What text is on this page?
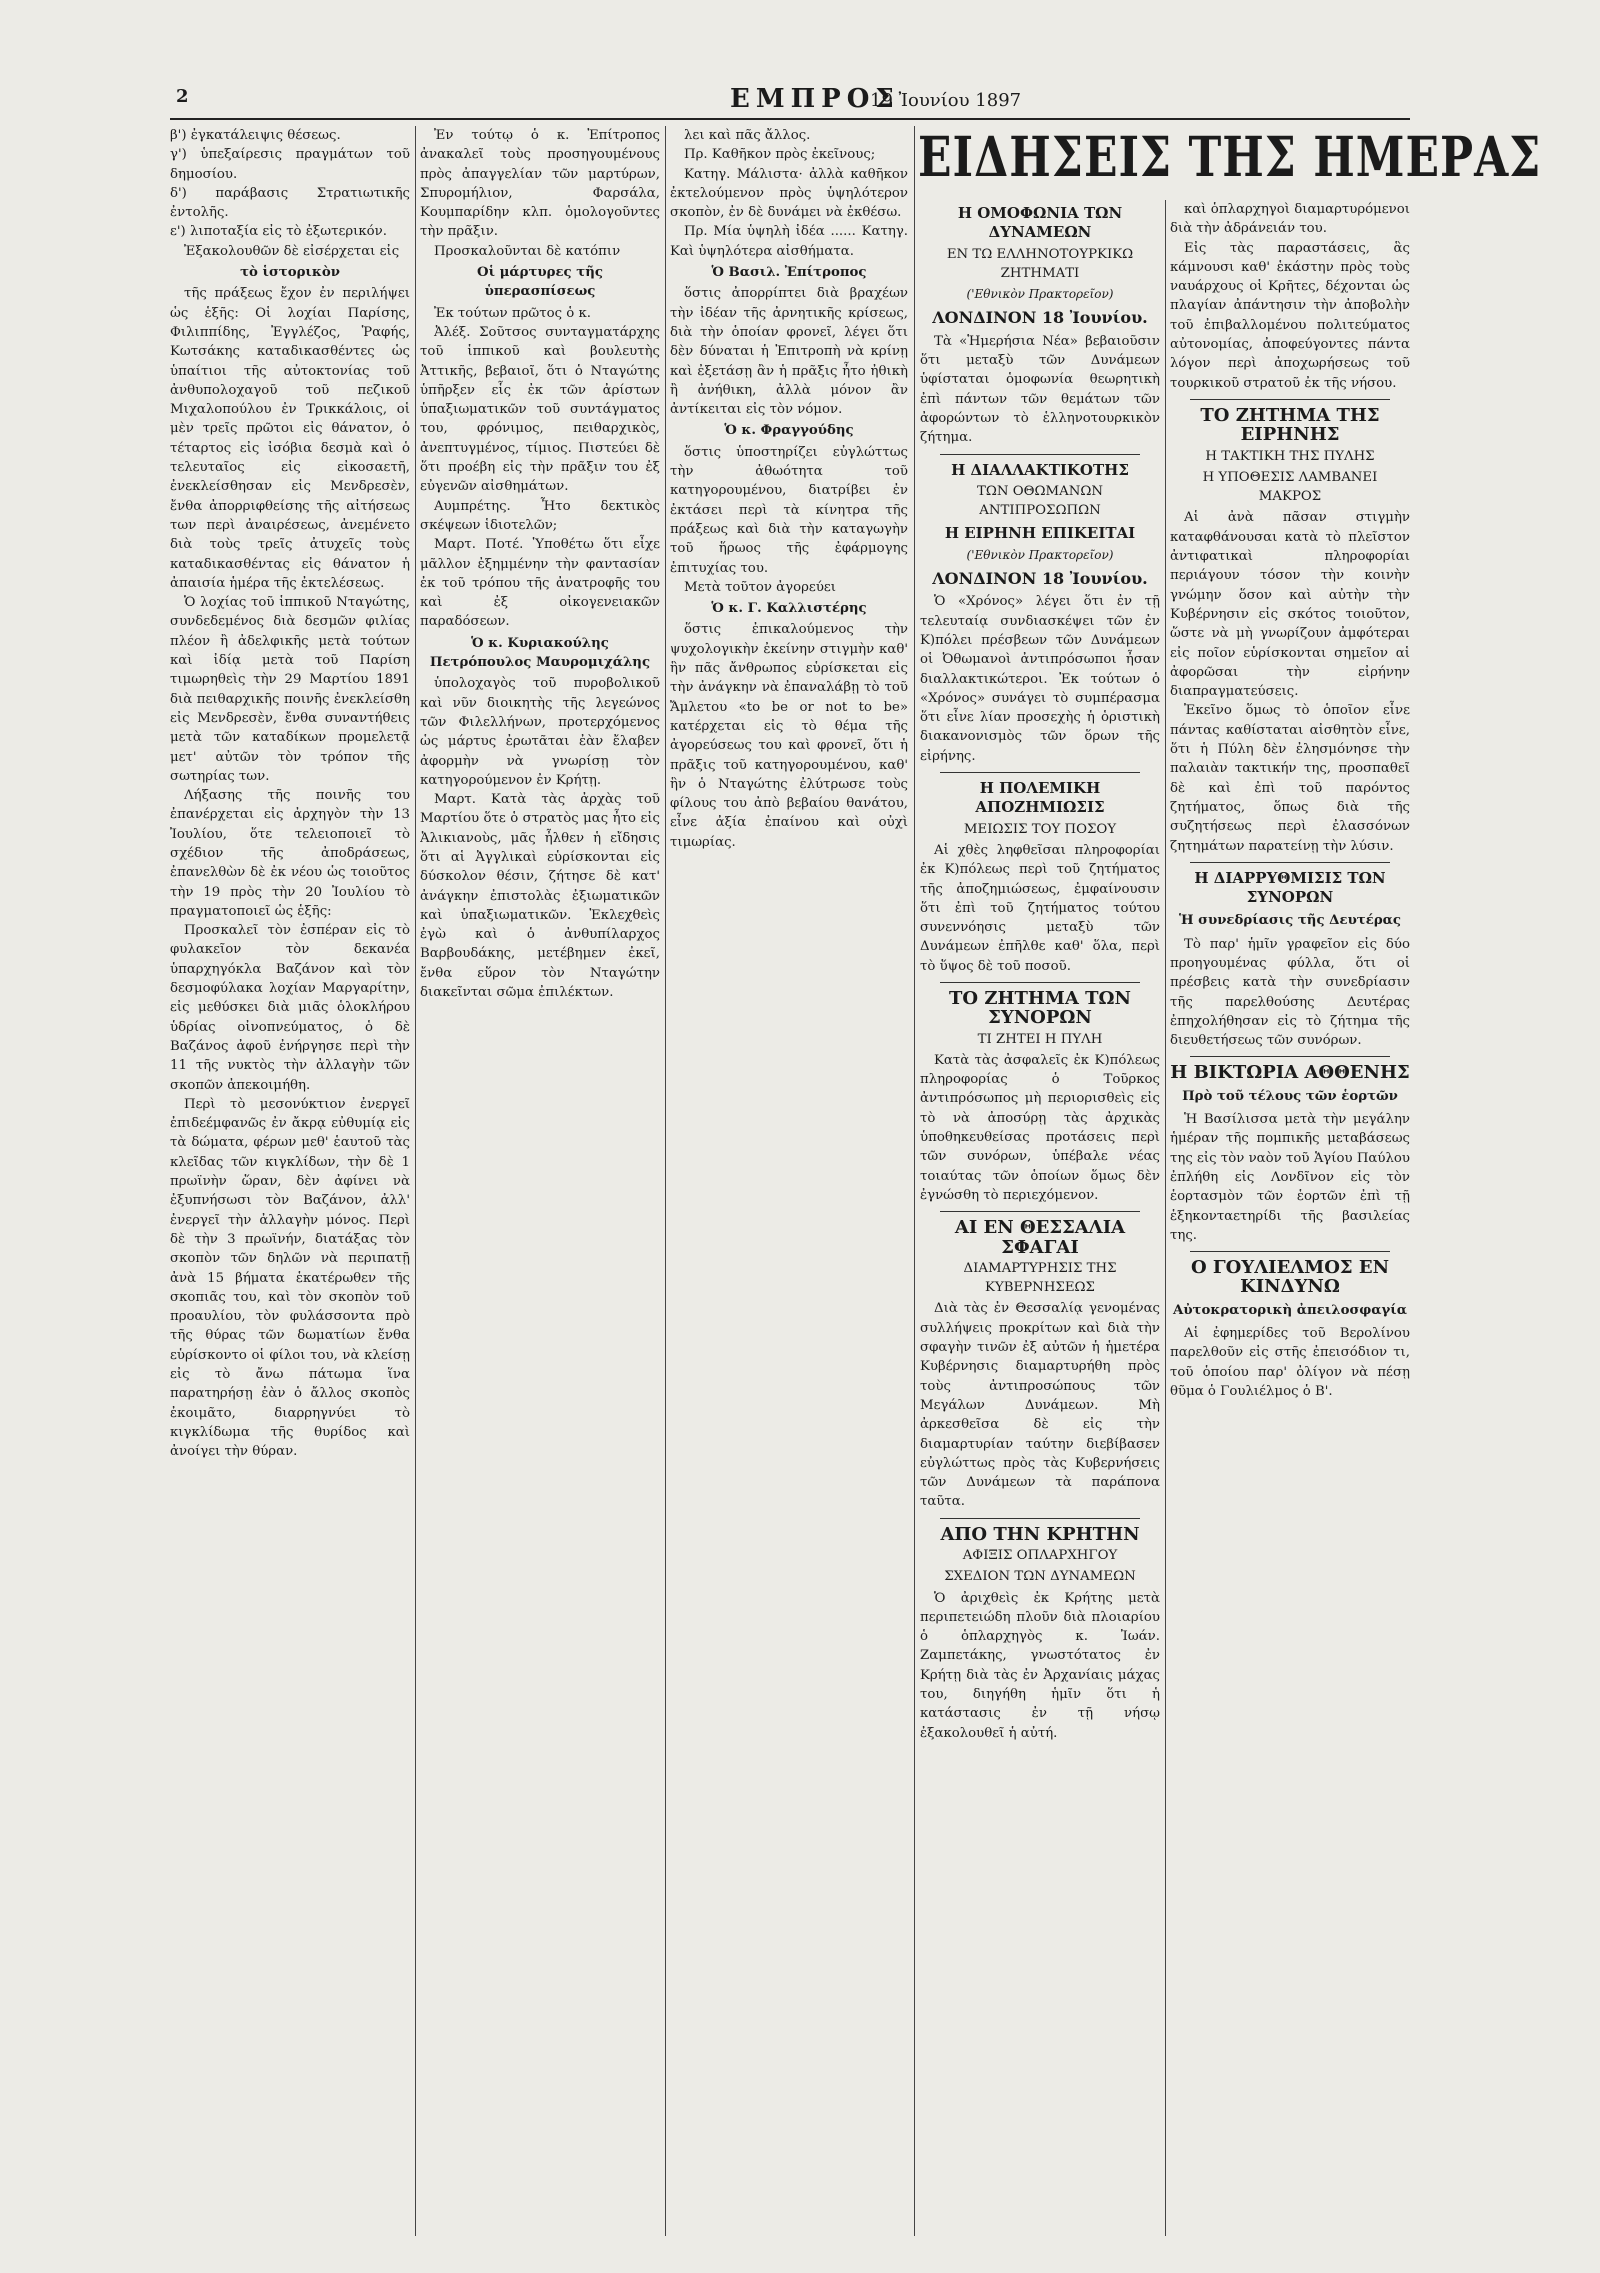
2	ΕΜΠΡΟΣ
19 Ἰουνίου 1897

β') ἐγκατάλειψις θέσεως.

γ') ὑπεξαίρεσις πραγμάτων τοῦ δημοσίου.

δ') παράβασις Στρατιωτικῆς ἐντολῆς.

ε') λιποταξία εἰς τὸ ἐξωτερικόν.

Ἐξακολουθῶν δὲ εἰσέρχεται εἰς

τὸ ἱστορικὸν

τῆς πράξεως ἔχον ἐν περιλήψει ὡς ἑξῆς: Οἱ λοχίαι Παρίσης, Φιλιππίδης, Ἐγγλέζος, Ῥαφής, Κωτσάκης καταδικασθέντες ὡς ὑπαίτιοι τῆς αὐτοκτονίας τοῦ ἀνθυπολοχαγοῦ τοῦ πεζικοῦ Μιχαλοπούλου ἐν Τρικκάλοις, οἱ μὲν τρεῖς πρῶτοι εἰς θάνατον, ὁ τέταρτος εἰς ἰσόβια δεσμὰ καὶ ὁ τελευταῖος εἰς εἰκοσαετῆ, ἐνεκλείσθησαν εἰς Μενδρεσὲν, ἔνθα ἀπορριφθείσης τῆς αἰτήσεως των περὶ ἀναιρέσεως, ἀνεμένετο διὰ τοὺς τρεῖς ἀτυχεῖς τοὺς καταδικασθέντας εἰς θάνατον ἡ ἀπαισία ἡμέρα τῆς ἐκτελέσεως.

Ὁ λοχίας τοῦ ἱππικοῦ Νταγώτης, συνδεδεμένος διὰ δεσμῶν φιλίας πλέον ἢ ἀδελφικῆς μετὰ τούτων καὶ ἰδίᾳ μετὰ τοῦ Παρίση τιμωρηθεὶς τὴν 29 Μαρτίου 1891 διὰ πειθαρχικῆς ποινῆς ἐνεκλείσθη εἰς Μενδρεσὲν, ἔνθα συναντήθεις μετὰ τῶν καταδίκων προμελετᾷ μετ' αὐτῶν τὸν τρόπον τῆς σωτηρίας των.

Λήξασης τῆς ποινῆς του ἐπανέρχεται εἰς ἀρχηγὸν τὴν 13 Ἰουλίου, ὅτε τελειοποιεῖ τὸ σχέδιον τῆς ἀποδράσεως, ἐπανελθὼν δὲ ἐκ νέου ὡς τοιοῦτος τὴν 19 πρὸς τὴν 20 Ἰουλίου τὸ πραγματοποιεῖ ὡς ἑξῆς:

Προσκαλεῖ τὸν ἐσπέραν εἰς τὸ φυλακεῖον τὸν δεκανέα ὑπαρχηγόκλα Βαζάνον καὶ τὸν δεσμοφύλακα λοχίαν Μαργαρίτην, εἰς μεθύσκει διὰ μιᾶς ὁλοκλήρου ὑδρίας οἰνοπνεύματος, ὁ δὲ Βαζάνος ἀφοῦ ἐνήργησε περὶ τὴν 11 τῆς νυκτὸς τὴν ἀλλαγὴν τῶν σκοπῶν ἀπεκοιμήθη.

Περὶ τὸ μεσονύκτιον ἐνεργεῖ ἐπιδεέμφανῶς ἐν ἄκρᾳ εὐθυμίᾳ εἰς τὰ δώματα, φέρων μεθ' ἑαυτοῦ τὰς κλεῖδας τῶν κιγκλίδων, τὴν δὲ 1 πρωϊνὴν ὥραν, δὲν ἀφίνει νὰ ἐξυπνήσωσι τὸν Βαζάνον, ἀλλ' ἐνεργεῖ τὴν ἀλλαγὴν μόνος. Περὶ δὲ τὴν 3 πρωϊνήν, διατάξας τὸν σκοπὸν τῶν δηλῶν νὰ περιπατῇ ἀνὰ 15 βήματα ἑκατέρωθεν τῆς σκοπιᾶς του, καὶ τὸν σκοπὸν τοῦ προαυλίου, τὸν φυλάσσοντα πρὸ τῆς θύρας τῶν δωματίων ἔνθα εὑρίσκοντο οἱ φίλοι του, νὰ κλείσῃ εἰς τὸ ἄνω πάτωμα ἵνα παρατηρήσῃ ἐὰν ὁ ἄλλος σκοπὸς ἐκοιμᾶτο, διαρρηγνύει τὸ κιγκλίδωμα τῆς θυρίδος καὶ ἀνοίγει τὴν θύραν.

Ἐν τούτῳ ὁ κ. Ἐπίτροπος ἀνακαλεῖ τοὺς προσηγουμένους πρὸς ἀπαγγελίαν τῶν μαρτύρων, Σπυρομήλιον, Φαρσάλα, Κουμπαρίδην κλπ. ὁμολογοῦντες τὴν πρᾶξιν.

Προσκαλοῦνται δὲ κατόπιν

Οἱ μάρτυρες τῆς ὑπερασπίσεως

Ἐκ τούτων πρῶτος ὁ κ.

Ἀλέξ. Σοῦτσος συνταγματάρχης τοῦ ἱππικοῦ καὶ βουλευτὴς Ἀττικῆς, βεβαιοῖ, ὅτι ὁ Νταγώτης ὑπῆρξεν εἷς ἐκ τῶν ἀρίστων ὑπαξιωματικῶν τοῦ συντάγματος του, φρόνιμος, πειθαρχικὸς, ἀνεπτυγμένος, τίμιος. Πιστεύει δὲ ὅτι προέβη εἰς τὴν πρᾶξιν του ἐξ εὐγενῶν αἰσθημάτων.

Αυμπρέτης. Ἦτο δεκτικὸς σκέψεων ἱδιοτελῶν;

Μαρτ. Ποτέ. Ὑποθέτω ὅτι εἶχε μᾶλλον ἐξημμένην τὴν φαντασίαν ἐκ τοῦ τρόπου τῆς ἀνατροφῆς του καὶ ἐξ οἰκογενειακῶν παραδόσεων.

Ὁ κ. Κυριακούλης Πετρόπουλος Μαυρομιχάλης

ὑπολοχαγὸς τοῦ πυροβολικοῦ καὶ νῦν διοικητὴς τῆς λεγεώνος τῶν Φιλελλήνων, προτερχόμενος ὡς μάρτυς ἐρωτᾶται ἐὰν ἔλαβεν ἀφορμὴν νὰ γνωρίσῃ τὸν κατηγορούμενον ἐν Κρήτῃ.

Μαρτ. Κατὰ τὰς ἀρχὰς τοῦ Μαρτίου ὅτε ὁ στρατὸς μας ἦτο εἰς Ἀλικιανοὺς, μᾶς ἦλθεν ἡ εἴδησις ὅτι αἱ Ἀγγλικαὶ εὑρίσκονται εἰς δύσκολον θέσιν, ζήτησε δὲ κατ' ἀνάγκην ἐπιστολὰς ἐξιωματικῶν καὶ ὑπαξιωματικῶν. Ἐκλεχθεὶς ἐγὼ καὶ ὁ ἀνθυπίλαρχος Βαρβουδάκης, μετέβημεν ἐκεῖ, ἔνθα εὕρον τὸν Νταγώτην διακεῖνται σῶμα ἐπιλέκτων.

λει καὶ πᾶς ἄλλος.

Πρ. Καθῆκον πρὸς ἐκεῖνους;

Κατηγ. Μάλιστα· ἀλλὰ καθῆκον ἐκτελούμενον πρὸς ὑψηλότερον σκοπὸν, ἐν δὲ δυνάμει νὰ ἐκθέσω.

Πρ. Μία ὑψηλὴ ἰδέα ...... Κατηγ. Καὶ ὑψηλότερα αἰσθήματα.

Ὁ Βασιλ. Ἐπίτροπος

ὅστις ἀπορρίπτει διὰ βραχέων τὴν ἰδέαν τῆς ἀρνητικῆς κρίσεως, διὰ τὴν ὁποίαν φρονεῖ, λέγει ὅτι δὲν δύναται ἡ Ἐπιτροπὴ νὰ κρίνῃ καὶ ἐξετάσῃ ἂν ἡ πρᾶξις ἦτο ἠθικὴ ἢ ἀνήθικη, ἀλλὰ μόνον ἂν ἀντίκειται εἰς τὸν νόμον.

Ὁ κ. Φραγγούδης

ὅστις ὑποστηρίζει εὐγλώττως τὴν ἀθωότητα τοῦ κατηγορουμένου, διατρίβει ἐν ἐκτάσει περὶ τὰ κίνητρα τῆς πράξεως καὶ διὰ τὴν καταγωγὴν τοῦ ἥρωος τῆς ἐφάρμογης ἐπιτυχίας του.

Μετὰ τοῦτον ἀγορεύει

Ὁ κ. Γ. Καλλιστέρης

ὅστις ἐπικαλούμενος τὴν ψυχολογικὴν ἐκείνην στιγμὴν καθ' ἣν πᾶς ἄνθρωπος εὑρίσκεται εἰς τὴν ἀνάγκην νὰ ἐπαναλάβῃ τὸ τοῦ Ἄμλετου «to be or not to be» κατέρχεται εἰς τὸ θέμα τῆς ἀγορεύσεως του καὶ φρονεῖ, ὅτι ἡ πρᾶξις τοῦ κατηγορουμένου, καθ' ἣν ὁ Νταγώτης ἐλύτρωσε τοὺς φίλους του ἀπὸ βεβαίου θανάτου, εἶνε ἀξία ἐπαίνου καὶ οὐχὶ τιμωρίας.

ΕΙΔΗΣΕΙΣ ΤΗΣ ΗΜΕΡΑΣ
Η ΟΜΟΦΩΝΙΑ ΤΩΝ ΔΥΝΑΜΕΩΝ
ΕΝ ΤΩ ΕΛΛΗΝΟΤΟΥΡΚΙΚΩ ΖΗΤΗΜΑΤΙ
('Εθνικὸν Πρακτορεῖον)
ΛΟΝΔΙΝΟΝ 18 Ἰουνίου.

Τὰ «Ἡμερήσια Νέα» βεβαιοῦσιν ὅτι μεταξὺ τῶν Δυνάμεων ὑφίσταται ὁμοφωνία θεωρητικὴ ἐπὶ πάντων τῶν θεμάτων τῶν ἀφορώντων τὸ ἑλληνοτουρκικὸν ζήτημα.

Η ΔΙΑΛΛΑΚΤΙΚΟΤΗΣ
ΤΩΝ ΟΘΩΜΑΝΩΝ ΑΝΤΙΠΡΟΣΩΠΩΝ
Η ΕΙΡΗΝΗ ΕΠΙΚΕΙΤΑΙ
('Εθνικὸν Πρακτορεῖον)
ΛΟΝΔΙΝΟΝ 18 Ἰουνίου.

Ὁ «Χρόνος» λέγει ὅτι ἐν τῇ τελευταίᾳ συνδιασκέψει τῶν ἐν Κ)πόλει πρέσβεων τῶν Δυνάμεων οἱ Ὀθωμανοὶ ἀντιπρόσωποι ἦσαν διαλλακτικώτεροι. Ἐκ τούτων ὁ «Χρόνος» συνάγει τὸ συμπέρασμα ὅτι εἶνε λίαν προσεχὴς ἡ ὁριστικὴ διακανονισμὸς τῶν ὅρων τῆς εἰρήνης.

Η ΠΟΛΕΜΙΚΗ ΑΠΟΖΗΜΙΩΣΙΣ
ΜΕΙΩΣΙΣ ΤΟΥ ΠΟΣΟΥ

Αἱ χθὲς ληφθεῖσαι πληροφορίαι ἐκ Κ)πόλεως περὶ τοῦ ζητήματος τῆς ἀποζημιώσεως, ἐμφαίνουσιν ὅτι ἐπὶ τοῦ ζητήματος τούτου συνεννόησις μεταξὺ τῶν Δυνάμεων ἐπῆλθε καθ' ὅλα, περὶ τὸ ὕψος δὲ τοῦ ποσοῦ.

ΤΟ ΖΗΤΗΜΑ ΤΩΝ ΣΥΝΟΡΩΝ
ΤΙ ΖΗΤΕΙ Η ΠΥΛΗ

Κατὰ τὰς ἀσφαλεῖς ἐκ Κ)πόλεως πληροφορίας ὁ Τοῦρκος ἀντιπρόσωπος μὴ περιορισθεὶς εἰς τὸ νὰ ἀποσύρῃ τὰς ἀρχικὰς ὑποθηκευθείσας προτάσεις περὶ τῶν συνόρων, ὑπέβαλε νέας τοιαύτας τῶν ὁποίων ὅμως δὲν ἐγνώσθη τὸ περιεχόμενον.

ΑΙ ΕΝ ΘΕΣΣΑΛΙΑ ΣΦΑΓΑΙ
ΔΙΑΜΑΡΤΥΡΗΣΙΣ ΤΗΣ ΚΥΒΕΡΝΗΣΕΩΣ

Διὰ τὰς ἐν Θεσσαλίᾳ γενομένας συλλήψεις προκρίτων καὶ διὰ τὴν σφαγὴν τινῶν ἐξ αὐτῶν ἡ ἡμετέρα Κυβέρνησις διαμαρτυρήθη πρὸς τοὺς ἀντιπροσώπους τῶν Μεγάλων Δυνάμεων. Μὴ ἀρκεσθεῖσα δὲ εἰς τὴν διαμαρτυρίαν ταύτην διεβίβασεν εὐγλώττως πρὸς τὰς Κυβερνήσεις τῶν Δυνάμεων τὰ παράπονα ταῦτα.

ΑΠΟ ΤΗΝ ΚΡΗΤΗΝ
ΑΦΙΞΙΣ ΟΠΛΑΡΧΗΓΟΥ
ΣΧΕΔΙΟΝ ΤΩΝ ΔΥΝΑΜΕΩΝ

Ὁ ἀριχθεὶς ἐκ Κρήτης μετὰ περιπετειώδη πλοῦν διὰ πλοιαρίου ὁ ὁπλαρχηγὸς κ. Ἰωάν. Ζαμπετάκης, γνωστότατος ἐν Κρήτῃ διὰ τὰς ἐν Ἀρχανίαις μάχας του, διηγήθη ἡμῖν ὅτι ἡ κατάστασις ἐν τῇ νήσῳ ἐξακολουθεῖ ἡ αὐτή.

καὶ ὁπλαρχηγοὶ διαμαρτυρόμενοι διὰ τὴν ἀδράνειάν του.

Εἰς τὰς παραστάσεις, ἃς κάμνουσι καθ' ἑκάστην πρὸς τοὺς ναυάρχους οἱ Κρῆτες, δέχονται ὡς πλαγίαν ἀπάντησιν τὴν ἀποβολὴν τοῦ ἐπιβαλλομένου πολιτεύματος αὐτονομίας, ἀποφεύγοντες πάντα λόγον περὶ ἀποχωρήσεως τοῦ τουρκικοῦ στρατοῦ ἐκ τῆς νήσου.

ΤΟ ΖΗΤΗΜΑ ΤΗΣ ΕΙΡΗΝΗΣ
Η ΤΑΚΤΙΚΗ ΤΗΣ ΠΥΛΗΣ
Η ΥΠΟΘΕΣΙΣ ΛΑΜΒΑΝΕΙ ΜΑΚΡΟΣ

Αἱ ἀνὰ πᾶσαν στιγμὴν καταφθάνουσαι κατὰ τὸ πλεῖστον ἀντιφατικαὶ πληροφορίαι περιάγουν τόσον τὴν κοινὴν γνώμην ὅσον καὶ αὐτὴν τὴν Κυβέρνησιν εἰς σκότος τοιοῦτον, ὥστε νὰ μὴ γνωρίζουν ἀμφότεραι εἰς ποῖον εὑρίσκονται σημεῖον αἱ ἀφορῶσαι τὴν εἰρήνην διαπραγματεύσεις.

Ἐκεῖνο ὅμως τὸ ὁποῖον εἶνε πάντας καθίσταται αἰσθητὸν εἶνε, ὅτι ἡ Πύλη δὲν ἐλησμόνησε τὴν παλαιὰν τακτικήν της, προσπαθεῖ δὲ καὶ ἐπὶ τοῦ παρόντος ζητήματος, ὅπως διὰ τῆς συζητήσεως περὶ ἐλασσόνων ζητημάτων παρατείνῃ τὴν λύσιν.

Η ΔΙΑΡΡΥΘΜΙΣΙΣ ΤΩΝ ΣΥΝΟΡΩΝ
Ἡ συνεδρίασις τῆς Δευτέρας

Τὸ παρ' ἡμῖν γραφεῖον εἰς δύο προηγουμένας φύλλα, ὅτι οἱ πρέσβεις κατὰ τὴν συνεδρίασιν τῆς παρελθούσης Δευτέρας ἐπηχολήθησαν εἰς τὸ ζήτημα τῆς διευθετήσεως τῶν συνόρων.

Η ΒΙΚΤΩΡΙΑ ΑΘΘΕΝΗΣ
Πρὸ τοῦ τέλους τῶν ἑορτῶν

Ἡ Βασίλισσα μετὰ τὴν μεγάλην ἡμέραν τῆς πομπικῆς μεταβάσεως της εἰς τὸν ναὸν τοῦ Ἁγίου Παύλου ἐπλήθη εἰς Λονδῖνον εἰς τὸν ἑορτασμὸν τῶν ἑορτῶν ἐπὶ τῇ ἑξηκονταετηρίδι τῆς βασιλείας της.

Ο ΓΟΥΛΙΕΛΜΟΣ ΕΝ ΚΙΝΔΥΝΩ
Αὐτοκρατορικὴ ἀπειλοσφαγία

Αἱ ἐφημερίδες τοῦ Βερολίνου παρελθοῦν εἰς στῆς ἐπεισόδιον τι, τοῦ ὁποίου παρ' ὀλίγον νὰ πέσῃ θῦμα ὁ Γουλιέλμος ὁ Β'.
